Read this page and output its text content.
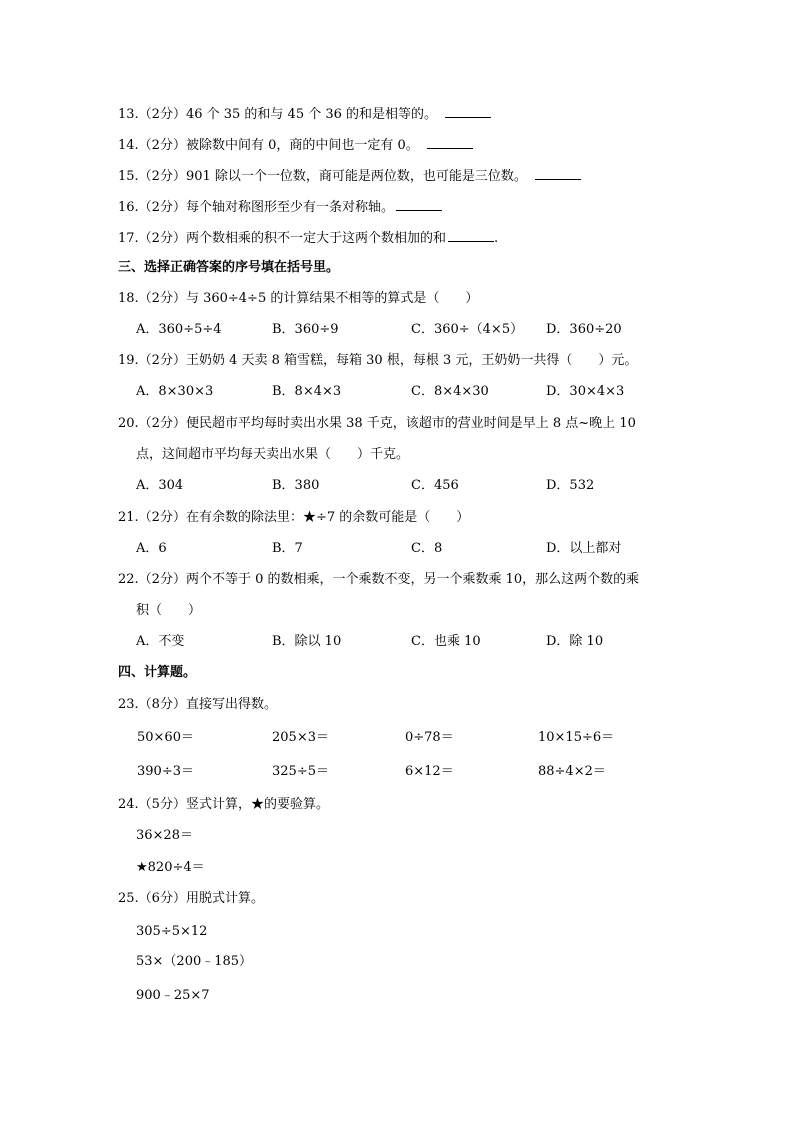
13.（2分）46 个 35 的和与 45 个 36 的和是相等的。
14.（2分）被除数中间有 0，商的中间也一定有 0。
15.（2分）901 除以一个一位数，商可能是两位数，也可能是三位数。
16.（2分）每个轴对称图形至少有一条对称轴。
17.（2分）两个数相乘的积不一定大于这两个数相加的和	.
三、选择正确答案的序号填在括号里。
18.（2分）与 360÷4÷5 的计算结果不相等的算式是（　　）
A．360÷5÷4	B．360÷9	C．360÷（4×5） D．360÷20
19.（2分）王奶奶 4 天卖 8 箱雪糕，每箱 30 根，每根 3 元，王奶奶一共得（　　）元。
A．8×30×3	B．8×4×3	C．8×4×30	D．30×4×3
20.（2分）便民超市平均每时卖出水果 38 千克，该超市的营业时间是早上 8 点~晚上 10
点，这间超市平均每天卖出水果（　　）千克。
A．304	B．380	C．456	D．532
21.（2分）在有余数的除法里：★÷7 的余数可能是（　　）
A．6	B．7	C．8	D．以上都对
22.（2分）两个不等于 0 的数相乘，一个乘数不变，另一个乘数乘 10，那么这两个数的乘
积（　　）
A．不变	B．除以 10	C．也乘 10	D．除 10
四、计算题。
23.（8分）直接写出得数。
50×60＝	205×3＝	0÷78＝	10×15÷6＝
390÷3＝	325÷5＝	6×12＝	88÷4×2＝
24.（5分）竖式计算，★的要验算。
36×28＝
★820÷4＝
25.（6分）用脱式计算。
305÷5×12
53×（200﹣185）
900﹣25×7
